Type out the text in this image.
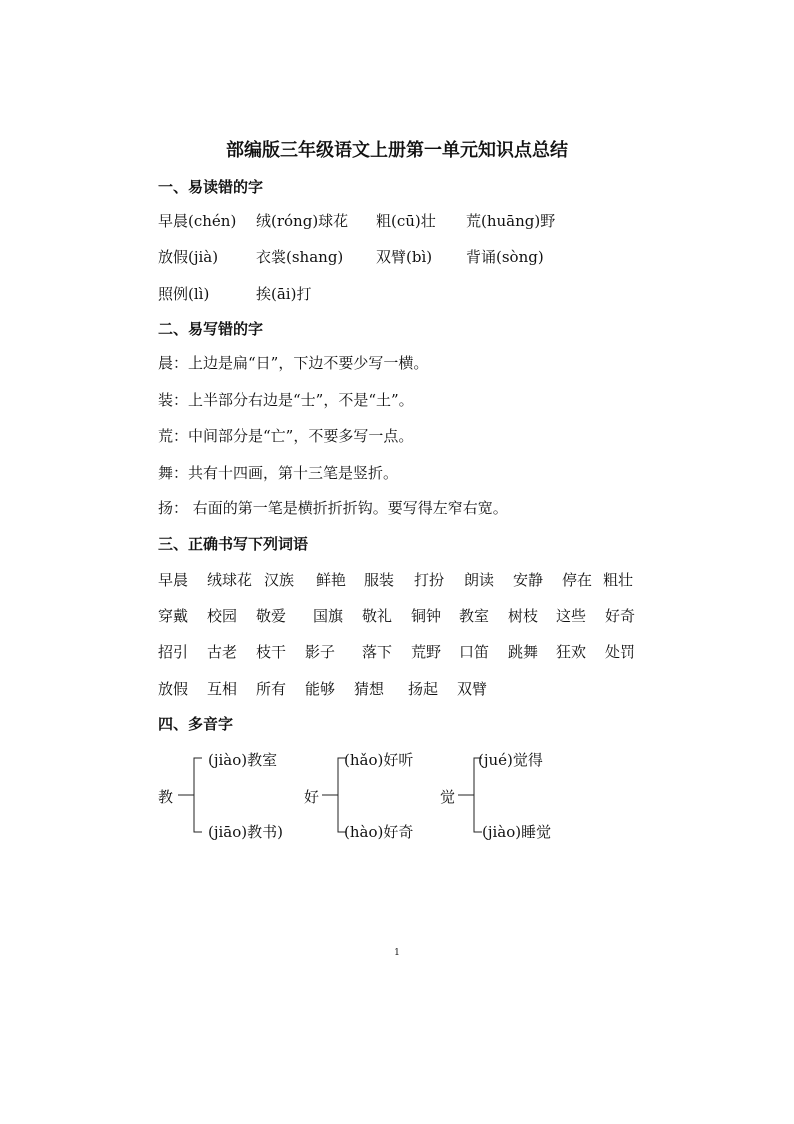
部编版三年级语文上册第一单元知识点总结
一、易读错的字
早晨(chén) 绒(róng)球花 粗(cū)壮 荒(huāng)野
放假(jià)	衣裳(shang) 双臂(bì) 背诵(sòng)
照例(lì)	挨(āi)打
二、易写错的字
晨：上边是扁“日”，下边不要少写一横。
装：上半部分右边是“士”，不是“土”。
荒：中间部分是“亡”，不要多写一点。
舞：共有十四画，第十三笔是竖折。
扬： 右面的第一笔是横折折折钩。要写得左窄右宽。
三、正确书写下列词语
早晨 绒球花 汉族 鲜艳 服装 打扮 朗读 安静 停在 粗壮
穿戴 校园 敬爱 国旗 敬礼 铜钟 教室 树枝 这些 好奇
招引 古老 枝干 影子 落下 荒野 口笛 跳舞 狂欢 处罚
放假 互相 所有 能够 猜想 扬起 双臂
四、多音字
教
(jiào)教室
(jiāo)教书)
好
(hǎo)好听
(hào)好奇
觉
(jué)觉得
(jiào)睡觉
1
